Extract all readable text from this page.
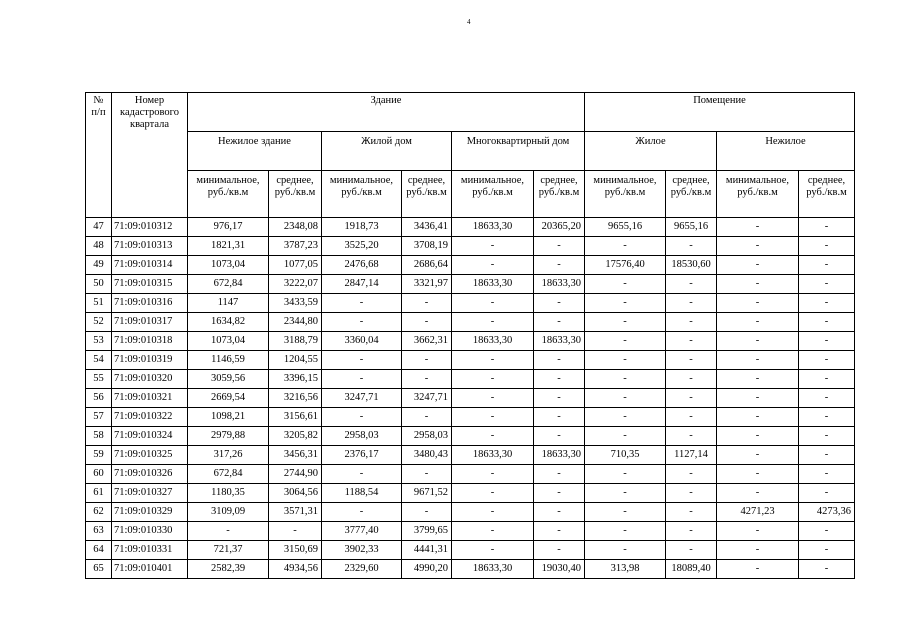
4
№ п/п	Номер кадастрового квартала	Здание						Помещение			
		Нежилое здание		Жилой дом		Многоквартирный дом		Жилое		Нежилое	
		минимальное, руб./кв.м	среднее, руб./кв.м	минимальное, руб./кв.м	среднее, руб./кв.м	минимальное, руб./кв.м	среднее, руб./кв.м	минимальное, руб./кв.м	среднее, руб./кв.м	минимальное, руб./кв.м	среднее, руб./кв.м
47	71:09:010312	976,17	2348,08	1918,73	3436,41	18633,30	20365,20	9655,16	9655,16	-	-
48	71:09:010313	1821,31	3787,23	3525,20	3708,19	-	-	-	-	-	-
49	71:09:010314	1073,04	1077,05	2476,68	2686,64	-	-	17576,40	18530,60	-	-
50	71:09:010315	672,84	3222,07	2847,14	3321,97	18633,30	18633,30	-	-	-	-
51	71:09:010316	1147	3433,59	-	-	-	-	-	-	-	-
52	71:09:010317	1634,82	2344,80	-	-	-	-	-	-	-	-
53	71:09:010318	1073,04	3188,79	3360,04	3662,31	18633,30	18633,30	-	-	-	-
54	71:09:010319	1146,59	1204,55	-	-	-	-	-	-	-	-
55	71:09:010320	3059,56	3396,15	-	-	-	-	-	-	-	-
56	71:09:010321	2669,54	3216,56	3247,71	3247,71	-	-	-	-	-	-
57	71:09:010322	1098,21	3156,61	-	-	-	-	-	-	-	-
58	71:09:010324	2979,88	3205,82	2958,03	2958,03	-	-	-	-	-	-
59	71:09:010325	317,26	3456,31	2376,17	3480,43	18633,30	18633,30	710,35	1127,14	-	-
60	71:09:010326	672,84	2744,90	-	-	-	-	-	-	-	-
61	71:09:010327	1180,35	3064,56	1188,54	9671,52	-	-	-	-	-	-
62	71:09:010329	3109,09	3571,31	-	-	-	-	-	-	4271,23	4273,36
63	71:09:010330	-	-	3777,40	3799,65	-	-	-	-	-	-
64	71:09:010331	721,37	3150,69	3902,33	4441,31	-	-	-	-	-	-
65	71:09:010401	2582,39	4934,56	2329,60	4990,20	18633,30	19030,40	313,98	18089,40	-	-
